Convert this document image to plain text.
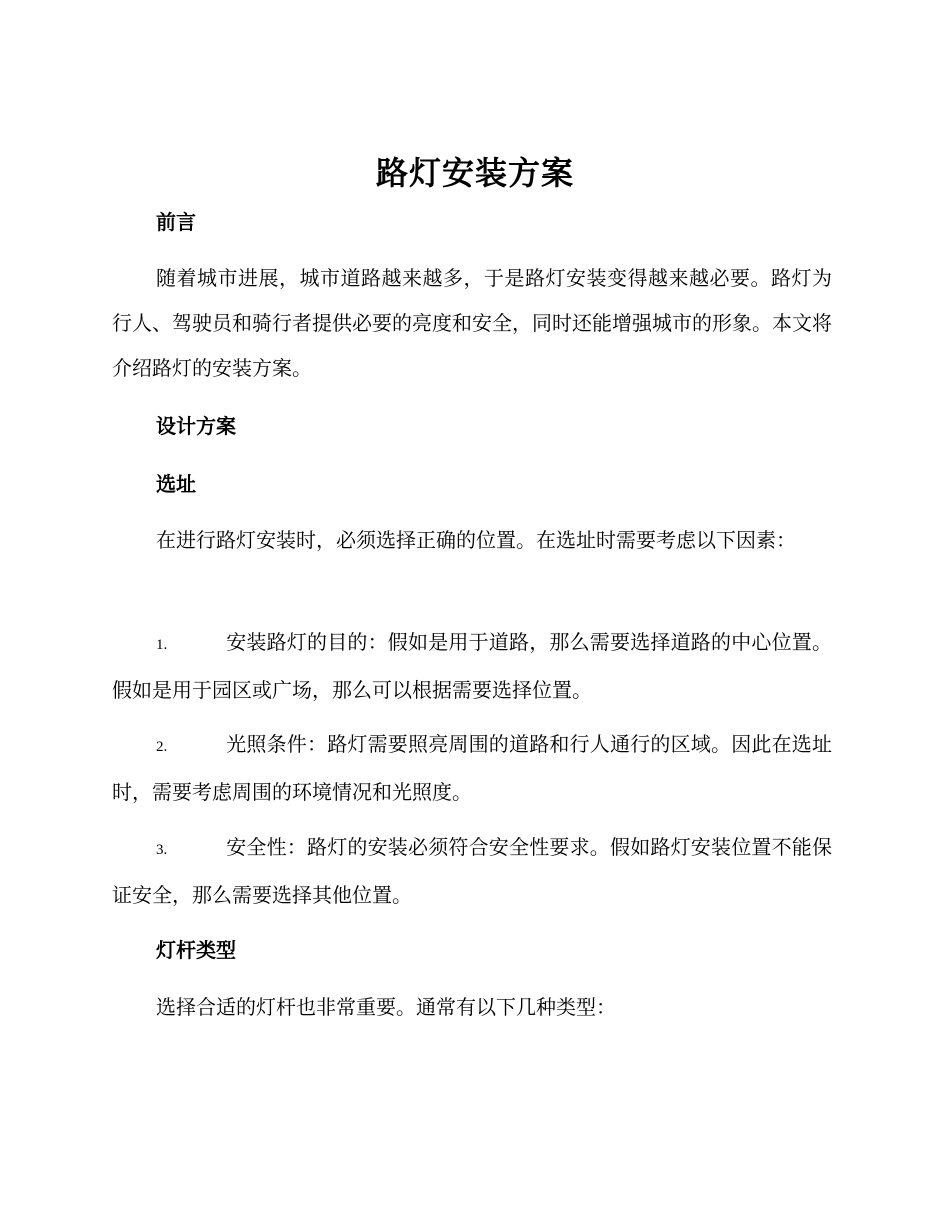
路灯安装方案
前言
随着城市进展，城市道路越来越多，于是路灯安装变得越来越必要。路灯为行人、驾驶员和骑行者提供必要的亮度和安全，同时还能增强城市的形象。本文将介绍路灯的安装方案。
设计方案
选址
在进行路灯安装时，必须选择正确的位置。在选址时需要考虑以下因素：
1.	安装路灯的目的：假如是用于道路，那么需要选择道路的中心位置。假如是用于园区或广场，那么可以根据需要选择位置。
2.	光照条件：路灯需要照亮周围的道路和行人通行的区域。因此在选址时，需要考虑周围的环境情况和光照度。
3.	安全性：路灯的安装必须符合安全性要求。假如路灯安装位置不能保证安全，那么需要选择其他位置。
灯杆类型
选择合适的灯杆也非常重要。通常有以下几种类型：
